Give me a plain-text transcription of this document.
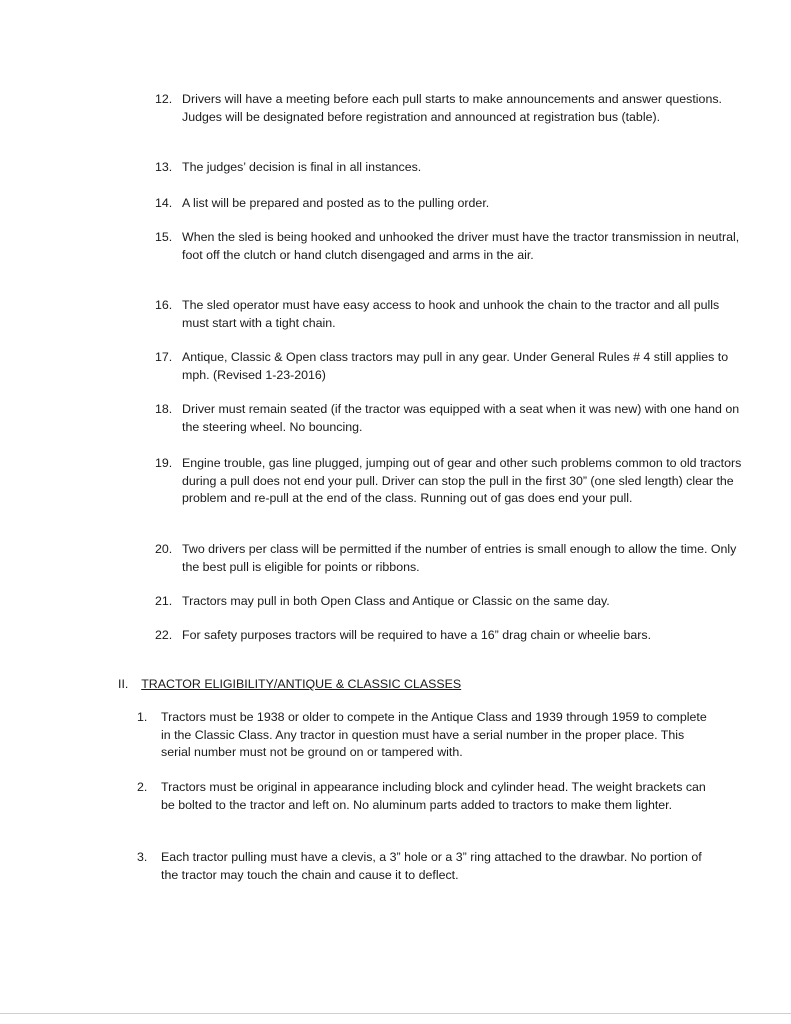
12. Drivers will have a meeting before each pull starts to make announcements and answer questions. Judges will be designated before registration and announced at registration bus (table).
13. The judges’ decision is final in all instances.
14. A list will be prepared and posted as to the pulling order.
15. When the sled is being hooked and unhooked the driver must have the tractor transmission in neutral, foot off the clutch or hand clutch disengaged and arms in the air.
16. The sled operator must have easy access to hook and unhook the chain to the tractor and all pulls must start with a tight chain.
17. Antique, Classic & Open class tractors may pull in any gear. Under General Rules # 4 still applies to mph. (Revised 1-23-2016)
18. Driver must remain seated (if the tractor was equipped with a seat when it was new) with one hand on the steering wheel. No bouncing.
19. Engine trouble, gas line plugged, jumping out of gear and other such problems common to old tractors during a pull does not end your pull. Driver can stop the pull in the first 30” (one sled length) clear the problem and re-pull at the end of the class. Running out of gas does end your pull.
20. Two drivers per class will be permitted if the number of entries is small enough to allow the time. Only the best pull is eligible for points or ribbons.
21. Tractors may pull in both Open Class and Antique or Classic on the same day.
22. For safety purposes tractors will be required to have a 16” drag chain or wheelie bars.
II. TRACTOR ELIGIBILITY/ANTIQUE & CLASSIC CLASSES
1. Tractors must be 1938 or older to compete in the Antique Class and 1939 through 1959 to complete in the Classic Class. Any tractor in question must have a serial number in the proper place. This serial number must not be ground on or tampered with.
2. Tractors must be original in appearance including block and cylinder head. The weight brackets can be bolted to the tractor and left on. No aluminum parts added to tractors to make them lighter.
3. Each tractor pulling must have a clevis, a 3” hole or a 3” ring attached to the drawbar. No portion of the tractor may touch the chain and cause it to deflect.
